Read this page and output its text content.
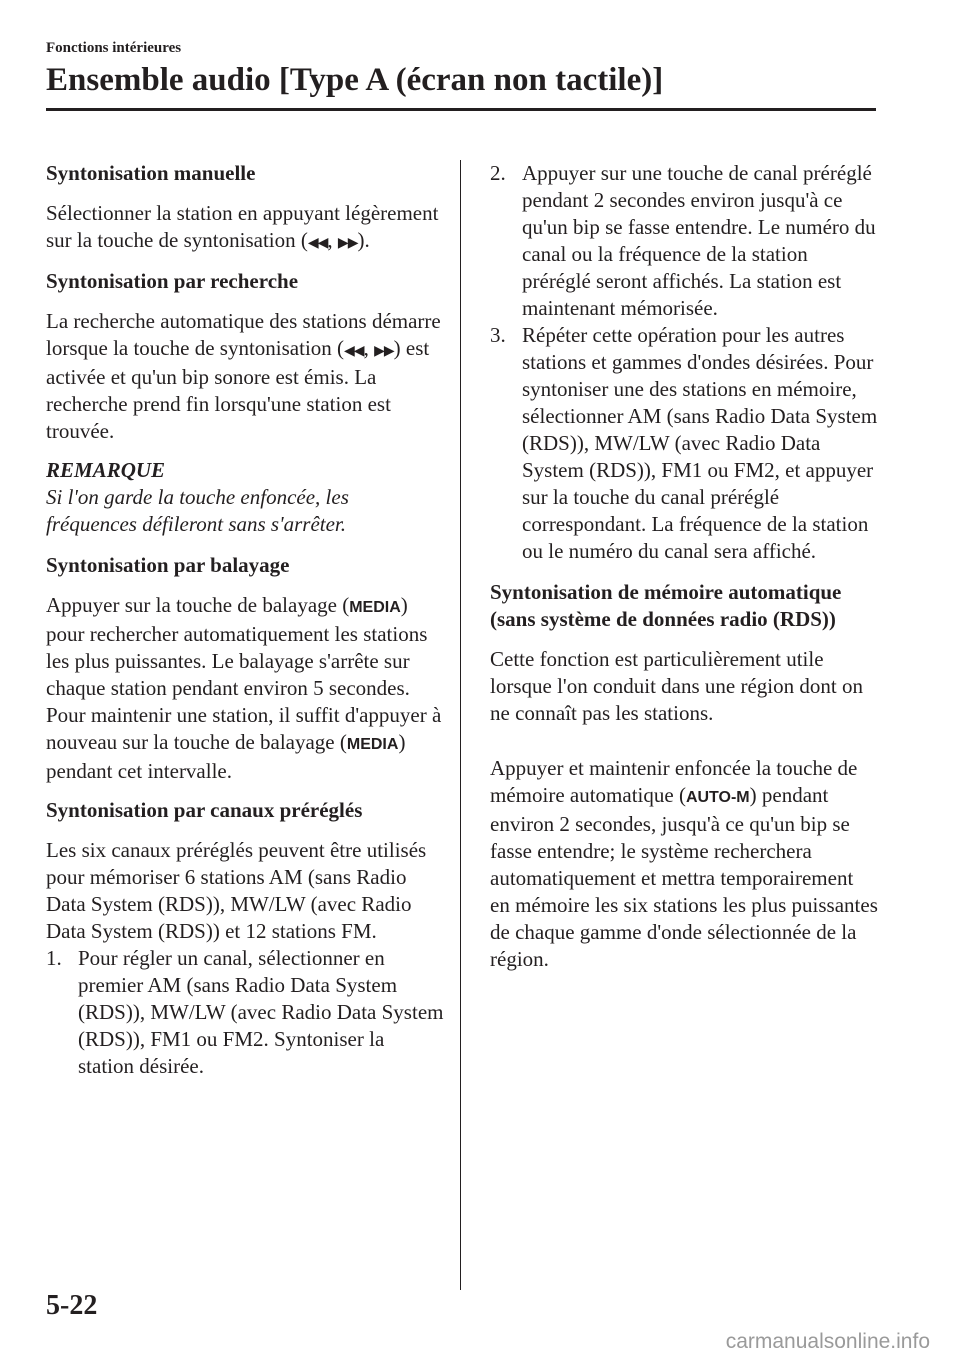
Fonctions intérieures
Ensemble audio [Type A (écran non tactile)]
Syntonisation manuelle

Sélectionner la station en appuyant légèrement sur la touche de syntonisation (◀◀, ▶▶).

Syntonisation par recherche

La recherche automatique des stations démarre lorsque la touche de syntonisation (◀◀, ▶▶) est activée et qu'un bip sonore est émis. La recherche prend fin lorsqu'une station est trouvée.

REMARQUE
Si l'on garde la touche enfoncée, les fréquences défileront sans s'arrêter.
Syntonisation par balayage

Appuyer sur la touche de balayage (MEDIA) pour rechercher automatiquement les stations les plus puissantes. Le balayage s'arrête sur chaque station pendant environ 5 secondes. Pour maintenir une station, il suffit d'appuyer à nouveau sur la touche de balayage (MEDIA) pendant cet intervalle.

Syntonisation par canaux préréglés

Les six canaux préréglés peuvent être utilisés pour mémoriser 6 stations AM (sans Radio Data System (RDS)), MW/LW (avec Radio Data System (RDS)) et 12 stations FM.

1. Pour régler un canal, sélectionner en premier AM (sans Radio Data System (RDS)), MW/LW (avec Radio Data System (RDS)), FM1 ou FM2. Syntoniser la station désirée.
2. Appuyer sur une touche de canal préréglé pendant 2 secondes environ jusqu'à ce qu'un bip se fasse entendre. Le numéro du canal ou la fréquence de la station préréglé seront affichés. La station est maintenant mémorisée.
3. Répéter cette opération pour les autres stations et gammes d'ondes désirées. Pour syntoniser une des stations en mémoire, sélectionner AM (sans Radio Data System (RDS)), MW/LW (avec Radio Data System (RDS)), FM1 ou FM2, et appuyer sur la touche du canal préréglé correspondant. La fréquence de la station ou le numéro du canal sera affiché.
Syntonisation de mémoire automatique (sans système de données radio (RDS))

Cette fonction est particulièrement utile lorsque l'on conduit dans une région dont on ne connaît pas les stations.

Appuyer et maintenir enfoncée la touche de mémoire automatique (AUTO-M) pendant environ 2 secondes, jusqu'à ce qu'un bip se fasse entendre; le système recherchera automatiquement et mettra temporairement en mémoire les six stations les plus puissantes de chaque gamme d'onde sélectionnée de la région.

5-22
carmanualsonline.info
